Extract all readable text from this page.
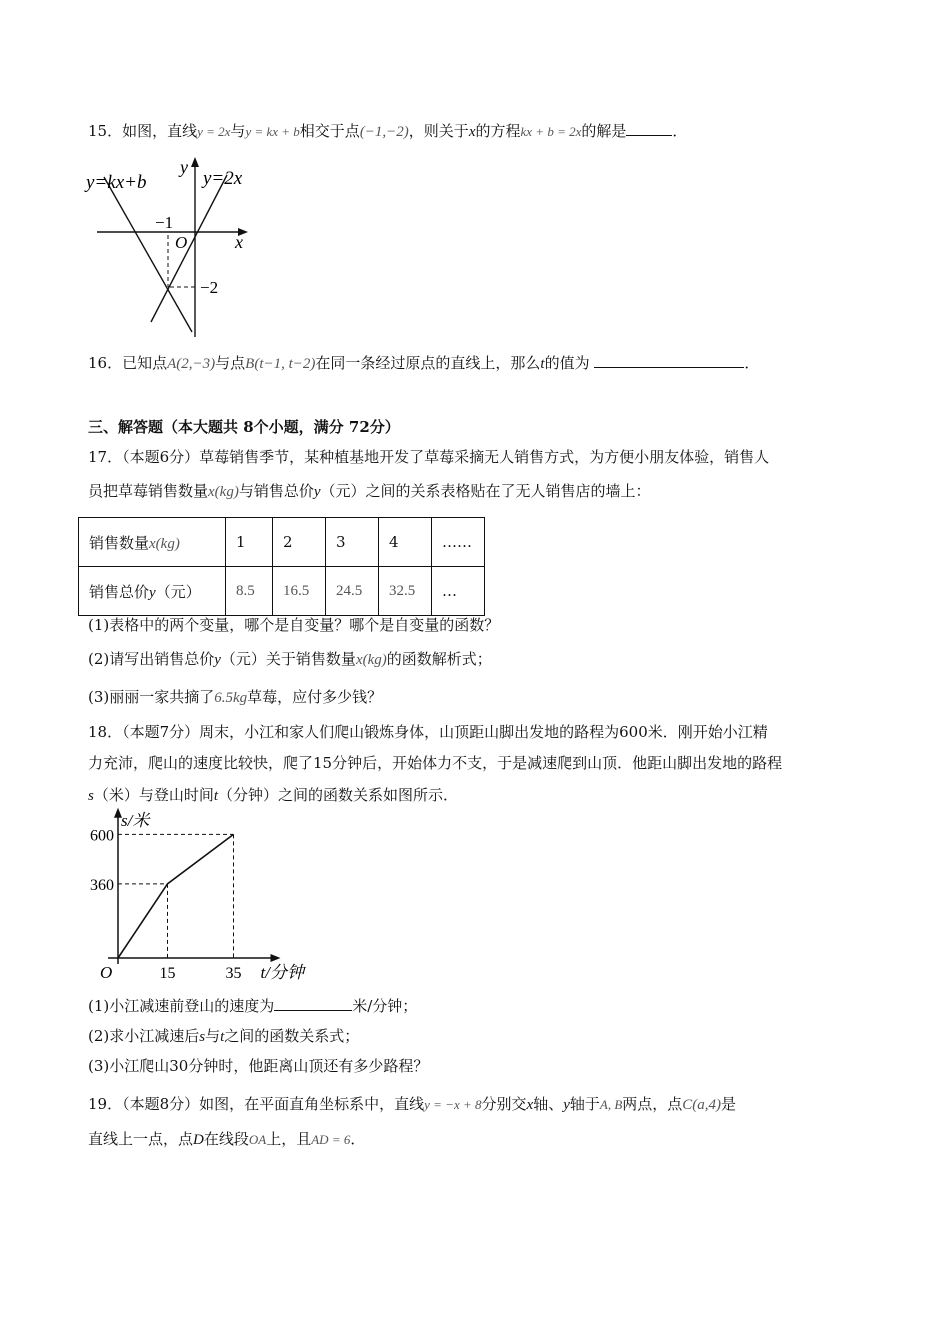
15．如图，直线y = 2x与y = kx + b相交于点(−1,−2)，则关于x的方程kx + b = 2x的解是	．
y=kx+b	y=2x
y
x
O
−1
−2
16．已知点A(2,−3)与点B(t−1, t−2)在同一条经过原点的直线上，那么t的值为	．
三、解答题（本大题共 8个小题，满分 72分）
17．（本题6分）草莓销售季节，某种植基地开发了草莓采摘无人销售方式，为方便小朋友体验，销售人
员把草莓销售数量x(kg)与销售总价y（元）之间的关系表格贴在了无人销售店的墙上：
销售数量x(kg)	1	2	3	4	……
销售总价y（元）	8.5	16.5	24.5	32.5	…
(1)表格中的两个变量，哪个是自变量？哪个是自变量的函数？
(2)请写出销售总价y（元）关于销售数量x(kg)的函数解析式；
(3)丽丽一家共摘了6.5kg草莓，应付多少钱？
18．（本题7分）周末，小江和家人们爬山锻炼身体，山顶距山脚出发地的路程为600米．刚开始小江精
力充沛，爬山的速度比较快，爬了15分钟后，开始体力不支，于是减速爬到山顶．他距山脚出发地的路程
s（米）与登山时间t（分钟）之间的函数关系如图所示．
s/米
t/分钟
O	15	35
360
600
(1)小江减速前登山的速度为	米/分钟；
(2)求小江减速后s与t之间的函数关系式；
(3)小江爬山30分钟时，他距离山顶还有多少路程？
19．（本题8分）如图，在平面直角坐标系中，直线y = −x + 8分别交x轴、y轴于A, B两点，点C(a,4)是
直线上一点，点D在线段OA上，且AD = 6．
